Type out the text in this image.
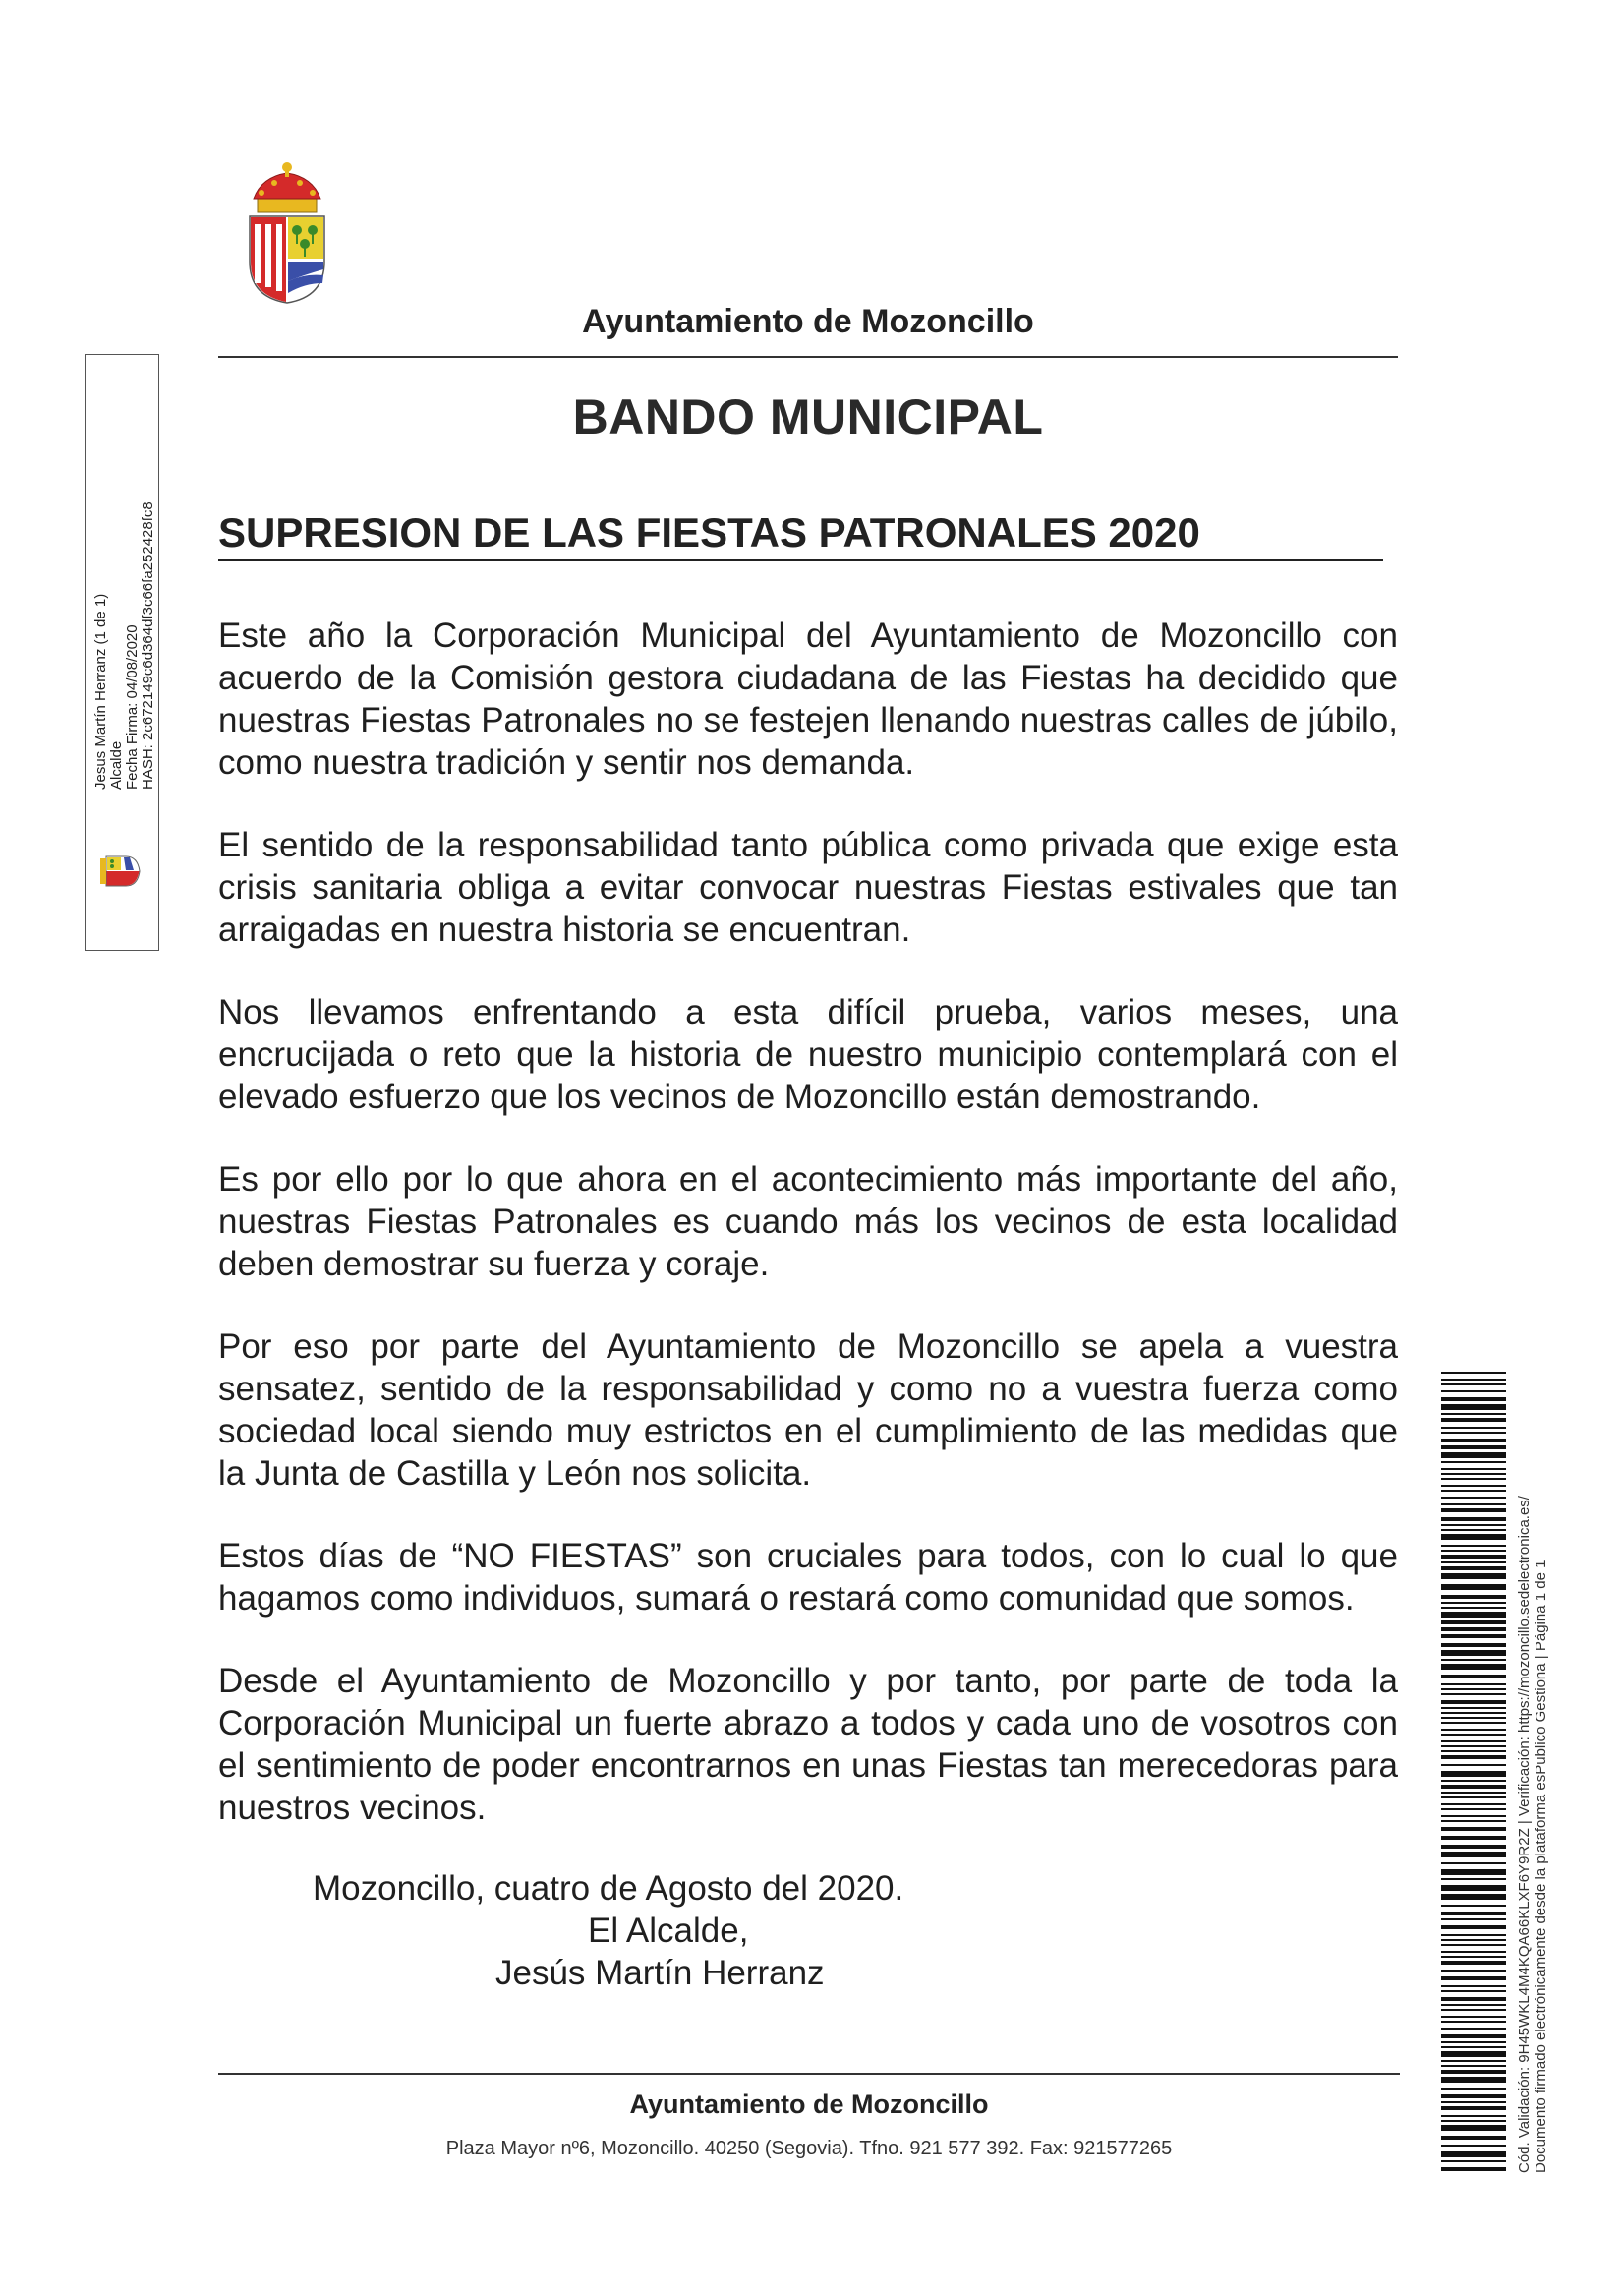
Ayuntamiento de Mozoncillo
BANDO MUNICIPAL
SUPRESION DE LAS FIESTAS PATRONALES 2020

Este año la Corporación Municipal del Ayuntamiento de Mozoncillo con acuerdo de la Comisión gestora ciudadana de las Fiestas ha decidido que nuestras Fiestas Patronales no se festejen llenando nuestras calles de júbilo, como nuestra tradición y sentir nos demanda.

El sentido de la responsabilidad tanto pública como privada que exige esta crisis sanitaria obliga a evitar convocar nuestras Fiestas estivales que tan arraigadas en nuestra historia se encuentran.

Nos llevamos enfrentando a esta difícil prueba, varios meses, una encrucijada o reto que la historia de nuestro municipio contemplará con el elevado esfuerzo que los vecinos de Mozoncillo están demostrando.

Es por ello por lo que ahora en el acontecimiento más importante del año, nuestras Fiestas Patronales es cuando más los vecinos de esta localidad deben demostrar su fuerza y coraje.

Por eso por parte del Ayuntamiento de Mozoncillo se apela a vuestra sensatez, sentido de la responsabilidad y como no a vuestra fuerza como sociedad local siendo muy estrictos en el cumplimiento de las medidas que la Junta de Castilla y León nos solicita.

Estos días de “NO FIESTAS” son cruciales para todos, con lo cual lo que hagamos como individuos, sumará o restará como comunidad que somos.

Desde el Ayuntamiento de Mozoncillo y por tanto, por parte de toda la Corporación Municipal un fuerte abrazo a todos y cada uno de vosotros con el sentimiento de poder encontrarnos en unas Fiestas tan merecedoras para nuestros vecinos.

Mozoncillo, cuatro de Agosto del 2020.
El Alcalde,
Jesús Martín Herranz
Ayuntamiento de Mozoncillo
Plaza Mayor nº6, Mozoncillo. 40250 (Segovia). Tfno. 921 577 392. Fax: 921577265
Jesus Martín Herranz (1 de 1) Alcalde Fecha Firma: 04/08/2020 HASH: 2c672149c6d364df3c66fa252428fc8
Cód. Validación: 9H45WKL4M4KQA66KLXF6Y9R2Z | Verificación: https://mozoncillo.sedelectronica.es/ Documento firmado electrónicamente desde la plataforma esPublico Gestiona | Página 1 de 1
